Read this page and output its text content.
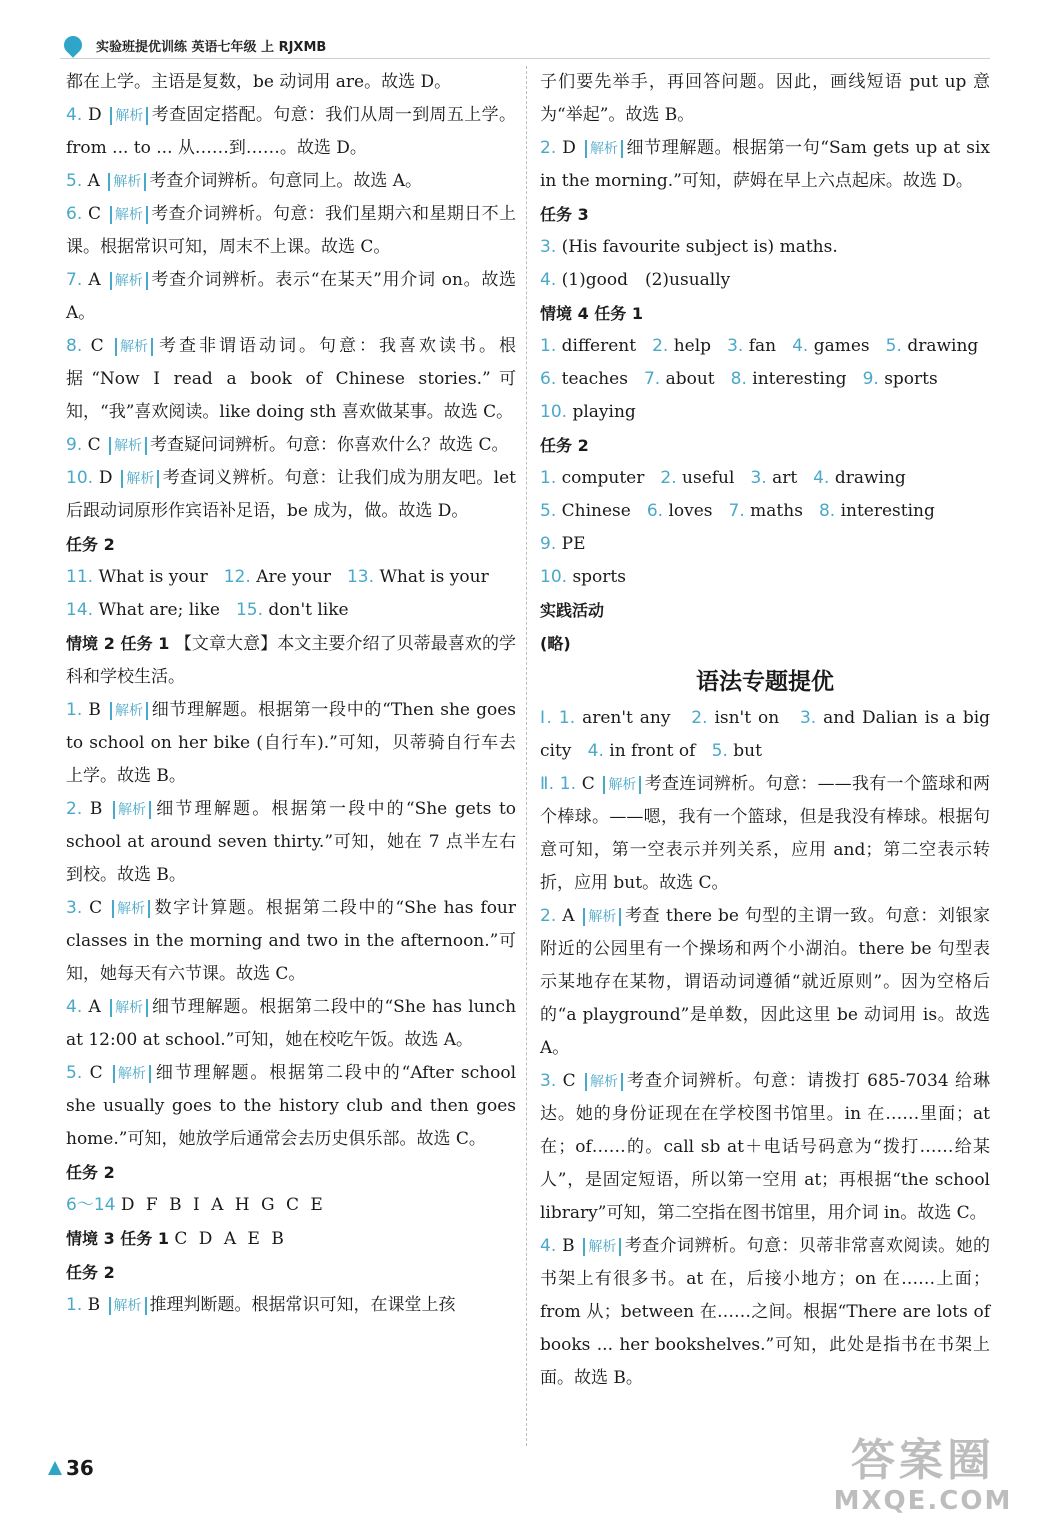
实验班提优训练 英语七年级 上 RJXMB
都在上学。主语是复数，be 动词用 are。故选 D。
4. D 解析 考查固定搭配。句意：我们从周一到周五上学。from ... to ... 从……到……。故选 D。
5. A 解析 考查介词辨析。句意同上。故选 A。
6. C 解析 考查介词辨析。句意：我们星期六和星期日不上课。根据常识可知，周末不上课。故选 C。
7. A 解析 考查介词辨析。表示“在某天”用介词 on。故选 A。
8. C 解析 考查非谓语动词。句意：我喜欢读书。根据“Now I read a book of Chinese stories.”可知，“我”喜欢阅读。like doing sth 喜欢做某事。故选 C。
9. C 解析 考查疑问词辨析。句意：你喜欢什么？故选 C。
10. D 解析 考查词义辨析。句意：让我们成为朋友吧。let 后跟动词原形作宾语补足语，be 成为，做。故选 D。
任务 2
11. What is your 12. Are your 13. What is your
14. What are; like 15. don't like
情境 2 任务 1 【文章大意】本文主要介绍了贝蒂最喜欢的学科和学校生活。
1. B 解析 细节理解题。根据第一段中的“Then she goes to school on her bike (自行车).”可知，贝蒂骑自行车去上学。故选 B。
2. B 解析 细节理解题。根据第一段中的“She gets to school at around seven thirty.”可知，她在 7 点半左右到校。故选 B。
3. C 解析 数字计算题。根据第二段中的“She has four classes in the morning and two in the afternoon.”可知，她每天有六节课。故选 C。
4. A 解析 细节理解题。根据第二段中的“She has lunch at 12:00 at school.”可知，她在校吃午饭。故选 A。
5. C 解析 细节理解题。根据第二段中的“After school she usually goes to the history club and then goes home.”可知，她放学后通常会去历史俱乐部。故选 C。
任务 2
6～14 D F B I A H G C E
情境 3 任务 1 C D A E B
任务 2
1. B 解析 推理判断题。根据常识可知，在课堂上孩
子们要先举手，再回答问题。因此，画线短语 put up 意为“举起”。故选 B。
2. D 解析 细节理解题。根据第一句“Sam gets up at six in the morning.”可知，萨姆在早上六点起床。故选 D。
任务 3
3. (His favourite subject is) maths.
4. (1)good　(2)usually
情境 4 任务 1
1. different 2. help 3. fan 4. games 5. drawing
6. teaches 7. about 8. interesting 9. sports
10. playing
任务 2
1. computer 2. useful 3. art 4. drawing
5. Chinese 6. loves 7. maths 8. interesting
9. PE
10. sports
实践活动
(略)
语法专题提优
Ⅰ. 1. aren't any 2. isn't on 3. and Dalian is a big city 4. in front of 5. but
Ⅱ. 1. C 解析 考查连词辨析。句意：——我有一个篮球和两个棒球。——嗯，我有一个篮球，但是我没有棒球。根据句意可知，第一空表示并列关系，应用 and；第二空表示转折，应用 but。故选 C。
2. A 解析 考查 there be 句型的主谓一致。句意：刘银家附近的公园里有一个操场和两个小湖泊。there be 句型表示某地存在某物，谓语动词遵循“就近原则”。因为空格后的“a playground”是单数，因此这里 be 动词用 is。故选 A。
3. C 解析 考查介词辨析。句意：请拨打 685-7034 给琳达。她的身份证现在在学校图书馆里。in 在……里面；at 在；of……的。call sb at＋电话号码意为“拨打……给某人”，是固定短语，所以第一空用 at；再根据“the school library”可知，第二空指在图书馆里，用介词 in。故选 C。
4. B 解析 考查介词辨析。句意：贝蒂非常喜欢阅读。她的书架上有很多书。at 在，后接小地方；on 在……上面；from 从；between 在……之间。根据“There are lots of books ... her bookshelves.”可知，此处是指书在书架上面。故选 B。
36	答案圈
MXQE.COM
